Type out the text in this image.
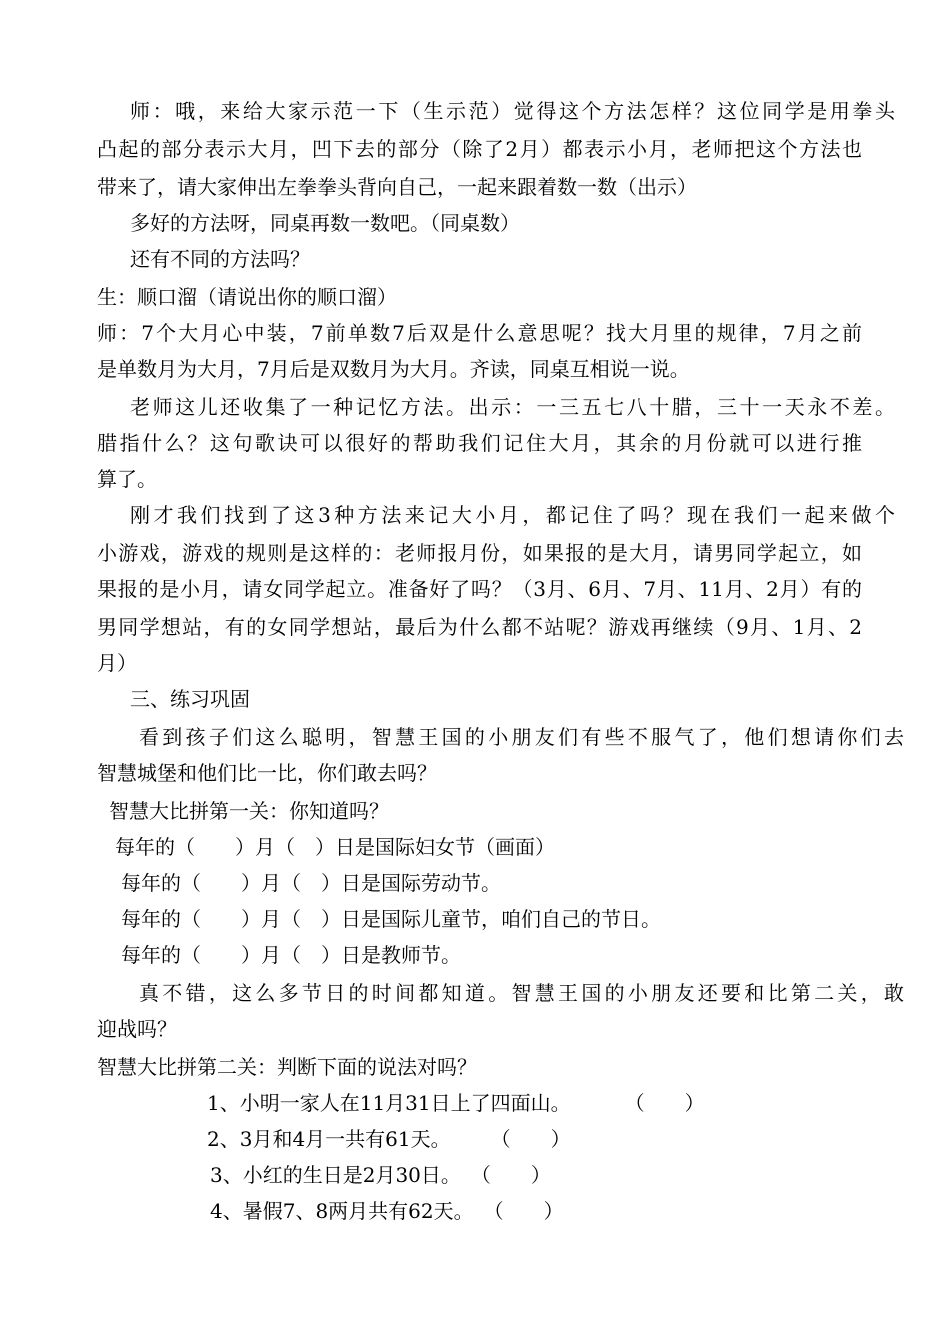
师：哦，来给大家示范一下（生示范）觉得这个方法怎样？这位同学是用拳头
凸起的部分表示大月，凹下去的部分（除了2月）都表示小月，老师把这个方法也
带来了，请大家伸出左拳拳头背向自己，一起来跟着数一数（出示）
多好的方法呀，同桌再数一数吧。（同桌数）
还有不同的方法吗？
生：顺口溜（请说出你的顺口溜）
师：7个大月心中装，7前单数7后双是什么意思呢？找大月里的规律，7月之前
是单数月为大月，7月后是双数月为大月。齐读，同桌互相说一说。
老师这儿还收集了一种记忆方法。出示：一三五七八十腊，三十一天永不差。
腊指什么？这句歌诀可以很好的帮助我们记住大月，其余的月份就可以进行推
算了。
刚才我们找到了这3种方法来记大小月，都记住了吗？现在我们一起来做个
小游戏，游戏的规则是这样的：老师报月份，如果报的是大月，请男同学起立，如
果报的是小月，请女同学起立。准备好了吗？（3月、6月、7月、11月、2月）有的
男同学想站，有的女同学想站，最后为什么都不站呢？游戏再继续（9月、1月、2
月）
三、练习巩固
看到孩子们这么聪明，智慧王国的小朋友们有些不服气了，他们想请你们去
智慧城堡和他们比一比，你们敢去吗？
智慧大比拼第一关：你知道吗？
每年的（　　）月（　）日是国际妇女节（画面）
每年的（　　）月（　）日是国际劳动节。
每年的（　　）月（　）日是国际儿童节，咱们自己的节日。
每年的（　　）月（　）日是教师节。
真不错，这么多节日的时间都知道。智慧王国的小朋友还要和比第二关，敢
迎战吗？
智慧大比拼第二关：判断下面的说法对吗？
1、小明一家人在11月31日上了四面山。	（　　）
2、3月和4月一共有61天。 （　　）
3、小红的生日是2月30日。 （　　）
4、暑假7、8两月共有62天。 （　　）
